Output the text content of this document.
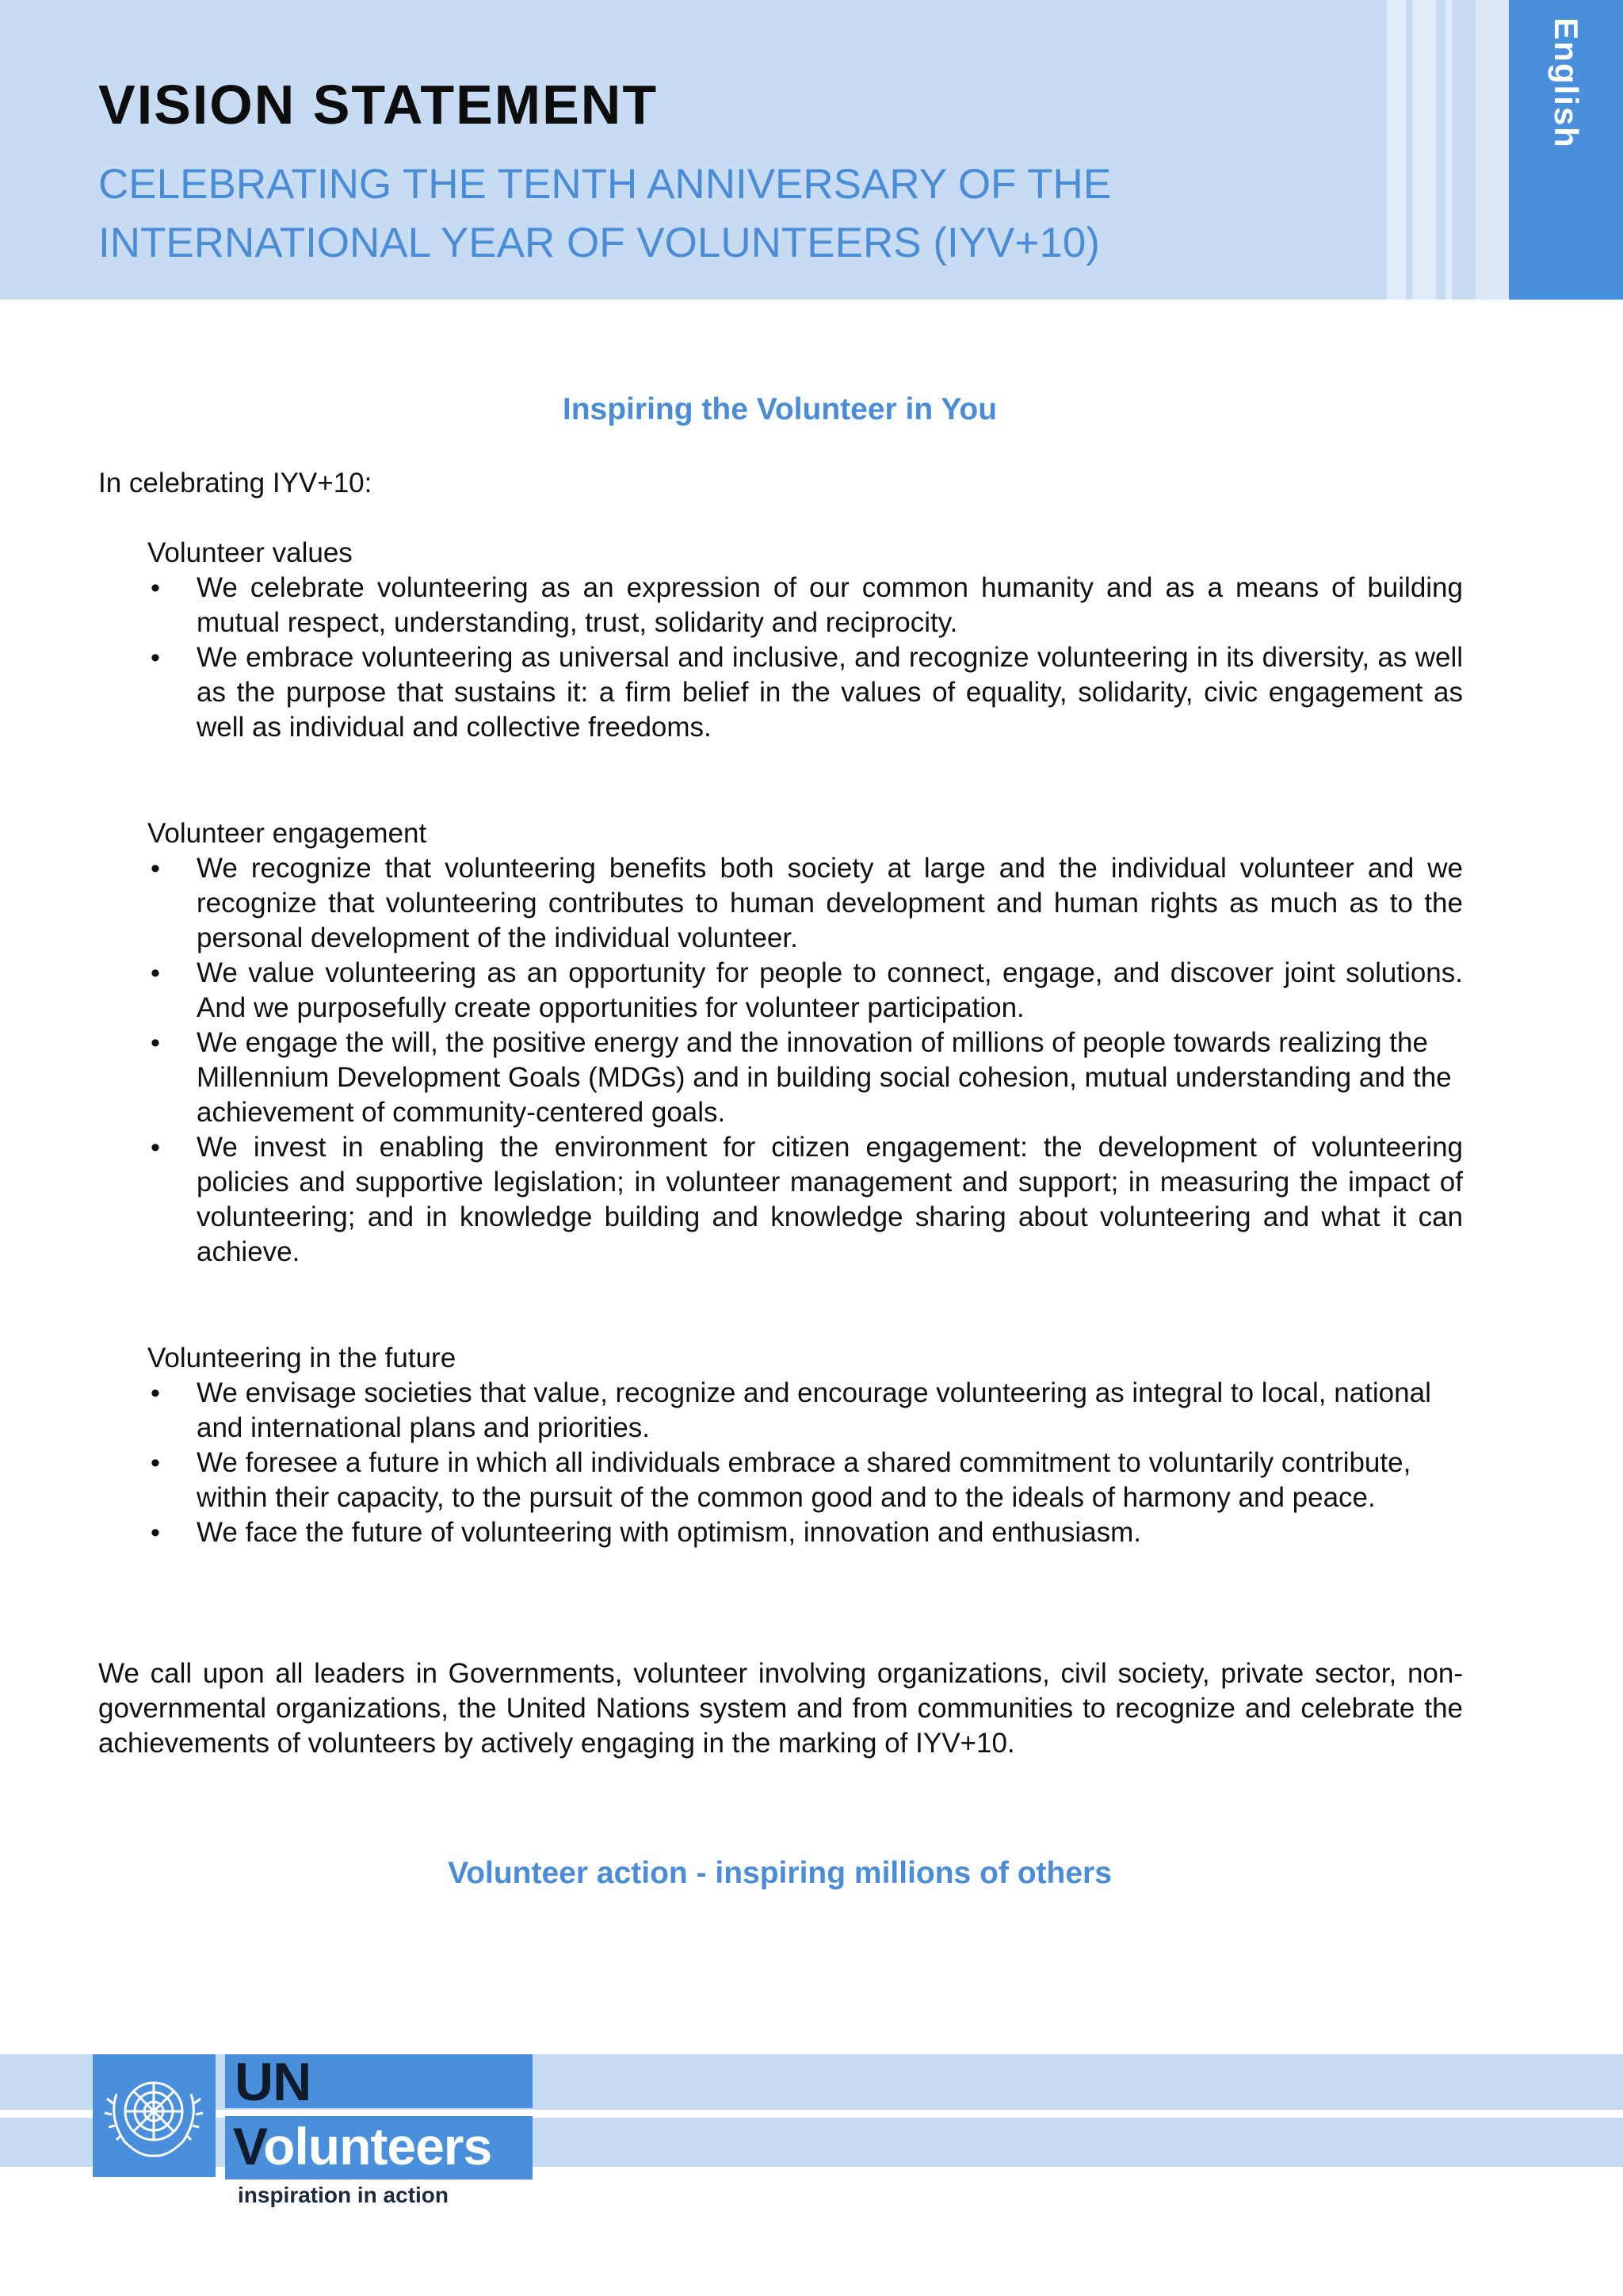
English
VISION STATEMENT
CELEBRATING THE TENTH ANNIVERSARY OF THE
INTERNATIONAL YEAR OF VOLUNTEERS (IYV+10)
Inspiring the Volunteer in You

In celebrating IYV+10:

Volunteer values
• We celebrate volunteering as an expression of our common humanity and as a means of building mutual respect, understanding, trust, solidarity and reciprocity.
• We embrace volunteering as universal and inclusive, and recognize volunteering in its diversity, as well as the purpose that sustains it: a firm belief in the values of equality, solidarity, civic engagement as well as individual and collective freedoms.
Volunteer engagement
• We recognize that volunteering benefits both society at large and the individual volunteer and we recognize that volunteering contributes to human development and human rights as much as to the personal development of the individual volunteer.
• We value volunteering as an opportunity for people to connect, engage, and discover joint solutions. And we purposefully create opportunities for volunteer participation.
• We engage the will, the positive energy and the innovation of millions of people towards realizing the Millennium Development Goals (MDGs) and in building social cohesion, mutual understanding and the achievement of community-centered goals.
• We invest in enabling the environment for citizen engagement: the development of volunteering policies and supportive legislation; in volunteer management and support; in measuring the impact of volunteering; and in knowledge building and knowledge sharing about volunteering and what it can achieve.
Volunteering in the future
• We envisage societies that value, recognize and encourage volunteering as integral to local, national and international plans and priorities.
• We foresee a future in which all individuals embrace a shared commitment to voluntarily contribute, within their capacity, to the pursuit of the common good and to the ideals of harmony and peace.
• We face the future of volunteering with optimism, innovation and enthusiasm.

We call upon all leaders in Governments, volunteer involving organizations, civil society, private sector, non-governmental organizations, the United Nations system and from communities to recognize and celebrate the achievements of volunteers by actively engaging in the marking of IYV+10.

Volunteer action - inspiring millions of others
UN
Volunteers
inspiration in action
